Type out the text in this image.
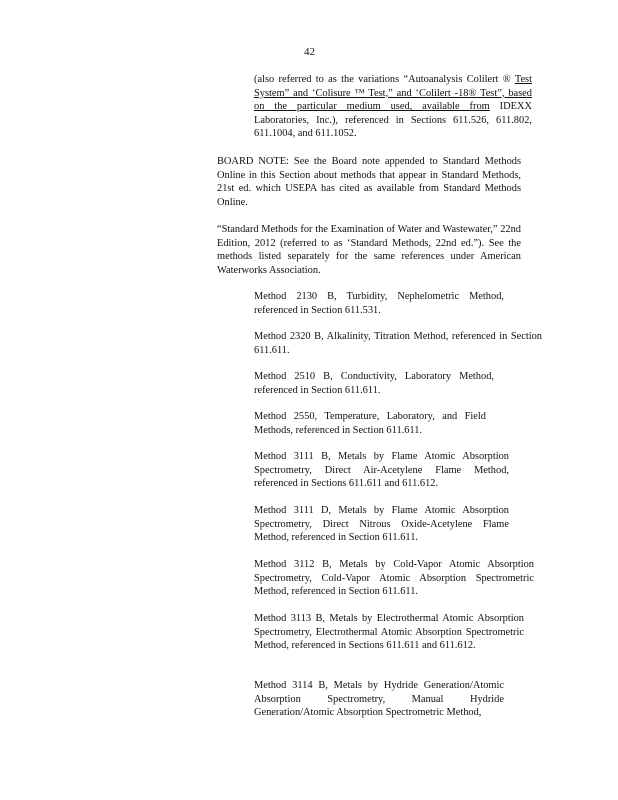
42

(also referred to as the variations “Autoanalysis Colilert ® Test System” and ‘Colisure ™ Test,” and ‘Colilert -18® Test”, based on the particular medium used, available from IDEXX Laboratories, Inc.), referenced in Sections 611.526, 611.802, 611.1004, and 611.1052.

BOARD NOTE: See the Board note appended to Standard Methods Online in this Section about methods that appear in Standard Methods, 21st ed. which USEPA has cited as available from Standard Methods Online.

“Standard Methods for the Examination of Water and Wastewater,” 22nd Edition, 2012 (referred to as ‘Standard Methods, 22nd ed.”). See the methods listed separately for the same references under American Waterworks Association.

Method 2130 B, Turbidity, Nephelometric Method, referenced in Section 611.531.

Method 2320 B, Alkalinity, Titration Method, referenced in Section 611.611.

Method 2510 B, Conductivity, Laboratory Method, referenced in Section 611.611.

Method 2550, Temperature, Laboratory, and Field Methods, referenced in Section 611.611.

Method 3111 B, Metals by Flame Atomic Absorption Spectrometry, Direct Air-Acetylene Flame Method, referenced in Sections 611.611 and 611.612.

Method 3111 D, Metals by Flame Atomic Absorption Spectrometry, Direct Nitrous Oxide-Acetylene Flame Method, referenced in Section 611.611.

Method 3112 B, Metals by Cold-Vapor Atomic Absorption Spectrometry, Cold-Vapor Atomic Absorption Spectrometric Method, referenced in Section 611.611.

Method 3113 B, Metals by Electrothermal Atomic Absorption Spectrometry, Electrothermal Atomic Absorption Spectrometric Method, referenced in Sections 611.611 and 611.612.

Method 3114 B, Metals by Hydride Generation/Atomic Absorption Spectrometry, Manual Hydride Generation/Atomic Absorption Spectrometric Method,
